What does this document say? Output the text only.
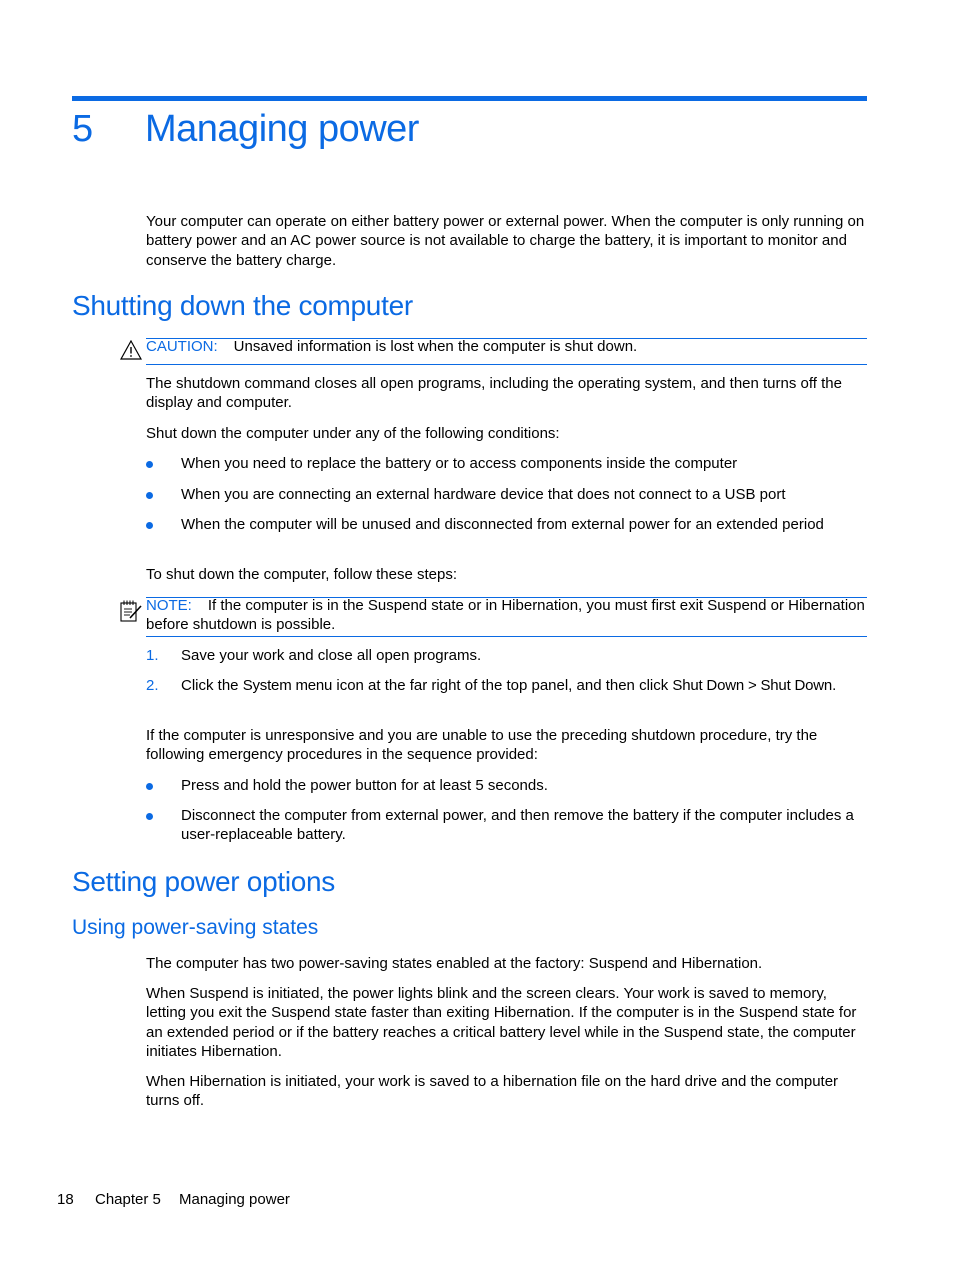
5 Managing power
Your computer can operate on either battery power or external power. When the computer is only running on battery power and an AC power source is not available to charge the battery, it is important to monitor and conserve the battery charge.
Shutting down the computer
CAUTION: Unsaved information is lost when the computer is shut down.
The shutdown command closes all open programs, including the operating system, and then turns off the display and computer.
Shut down the computer under any of the following conditions:
When you need to replace the battery or to access components inside the computer
When you are connecting an external hardware device that does not connect to a USB port
When the computer will be unused and disconnected from external power for an extended period
To shut down the computer, follow these steps:
NOTE: If the computer is in the Suspend state or in Hibernation, you must first exit Suspend or Hibernation before shutdown is possible.
1. Save your work and close all open programs.
2. Click the System menu icon at the far right of the top panel, and then click Shut Down > Shut Down.
If the computer is unresponsive and you are unable to use the preceding shutdown procedure, try the following emergency procedures in the sequence provided:
Press and hold the power button for at least 5 seconds.
Disconnect the computer from external power, and then remove the battery if the computer includes a user-replaceable battery.
Setting power options
Using power-saving states
The computer has two power-saving states enabled at the factory: Suspend and Hibernation.
When Suspend is initiated, the power lights blink and the screen clears. Your work is saved to memory, letting you exit the Suspend state faster than exiting Hibernation. If the computer is in the Suspend state for an extended period or if the battery reaches a critical battery level while in the Suspend state, the computer initiates Hibernation.
When Hibernation is initiated, your work is saved to a hibernation file on the hard drive and the computer turns off.
18 Chapter 5 Managing power
